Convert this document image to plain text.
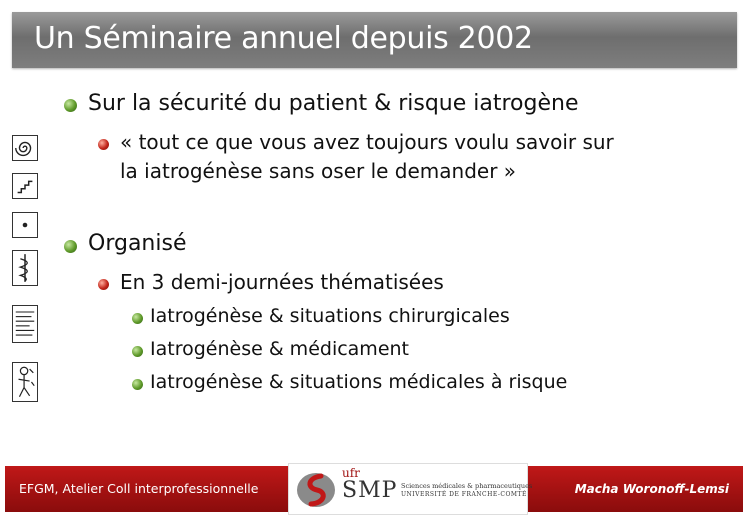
Un Séminaire annuel depuis 2002
Sur la sécurité du patient & risque iatrogène
« tout ce que vous avez toujours voulu savoir sur
la iatrogénèse sans oser le demander »
Organisé
En 3 demi-journées thématisées
Iatrogénèse & situations chirurgicales
Iatrogénèse & médicament
Iatrogénèse & situations médicales à risque
EFGM, Atelier Coll interprofessionnelle
ufr
SMP Sciences médicales & pharmaceutiques
UNIVERSITÉ DE FRANCHE-COMTÉ	Macha Woronoff-Lemsi
